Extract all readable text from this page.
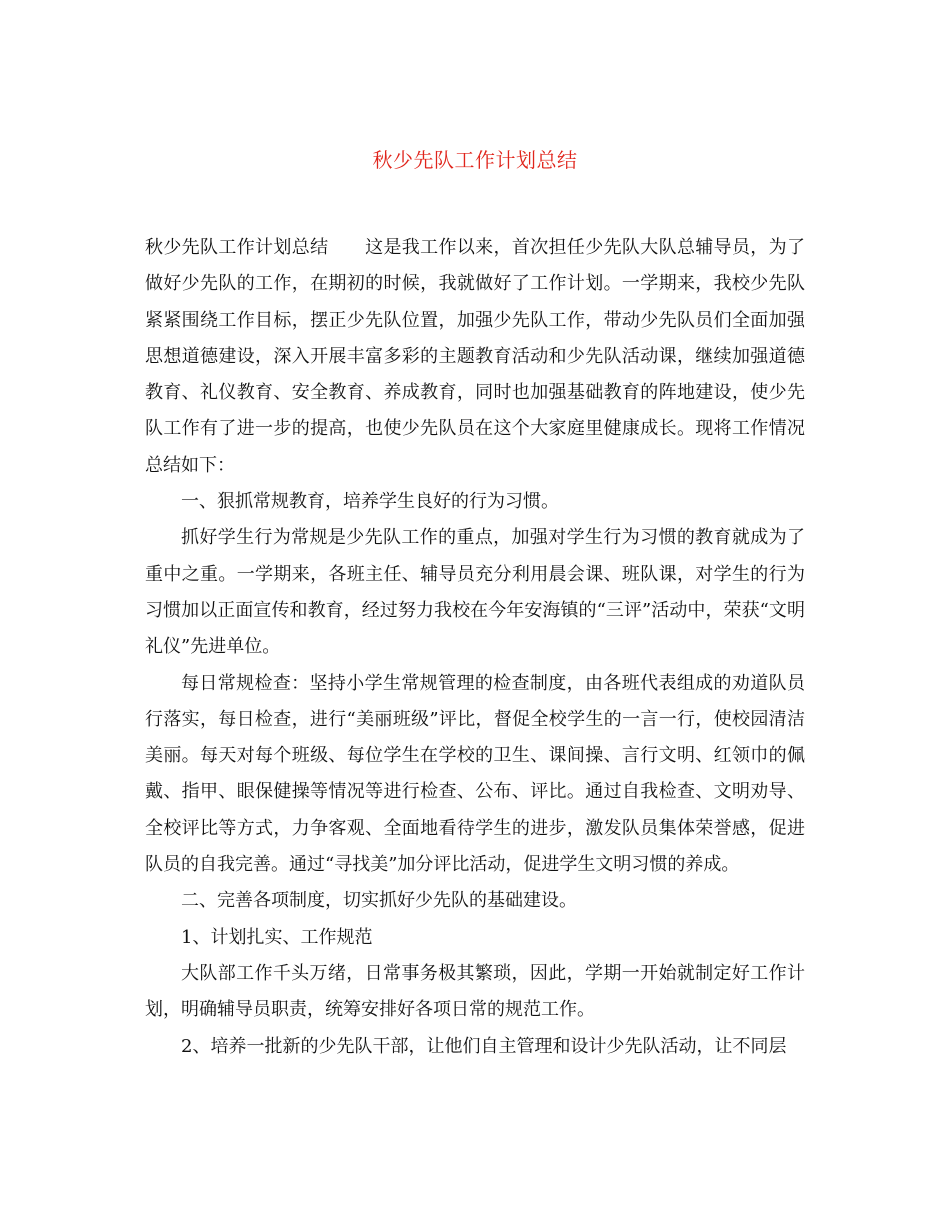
秋少先队工作计划总结

秋少先队工作计划总结　　这是我工作以来，首次担任少先队大队总辅导员，为了做好少先队的工作，在期初的时候，我就做好了工作计划。一学期来，我校少先队紧紧围绕工作目标，摆正少先队位置，加强少先队工作，带动少先队员们全面加强思想道德建设，深入开展丰富多彩的主题教育活动和少先队活动课，继续加强道德教育、礼仪教育、安全教育、养成教育，同时也加强基础教育的阵地建设，使少先队工作有了进一步的提高，也使少先队员在这个大家庭里健康成长。现将工作情况总结如下：

一、狠抓常规教育，培养学生良好的行为习惯。

抓好学生行为常规是少先队工作的重点，加强对学生行为习惯的教育就成为了重中之重。一学期来，各班主任、辅导员充分利用晨会课、班队课，对学生的行为习惯加以正面宣传和教育，经过努力我校在今年安海镇的“三评”活动中，荣获“文明礼仪”先进单位。

每日常规检查：坚持小学生常规管理的检查制度，由各班代表组成的劝道队员行落实，每日检查，进行“美丽班级”评比，督促全校学生的一言一行，使校园清洁美丽。每天对每个班级、每位学生在学校的卫生、课间操、言行文明、红领巾的佩戴、指甲、眼保健操等情况等进行检查、公布、评比。通过自我检查、文明劝导、全校评比等方式，力争客观、全面地看待学生的进步，激发队员集体荣誉感，促进队员的自我完善。通过“寻找美”加分评比活动，促进学生文明习惯的养成。

二、完善各项制度，切实抓好少先队的基础建设。

1、计划扎实、工作规范

大队部工作千头万绪，日常事务极其繁琐，因此，学期一开始就制定好工作计划，明确辅导员职责，统筹安排好各项日常的规范工作。

2、培养一批新的少先队干部，让他们自主管理和设计少先队活动，让不同层
